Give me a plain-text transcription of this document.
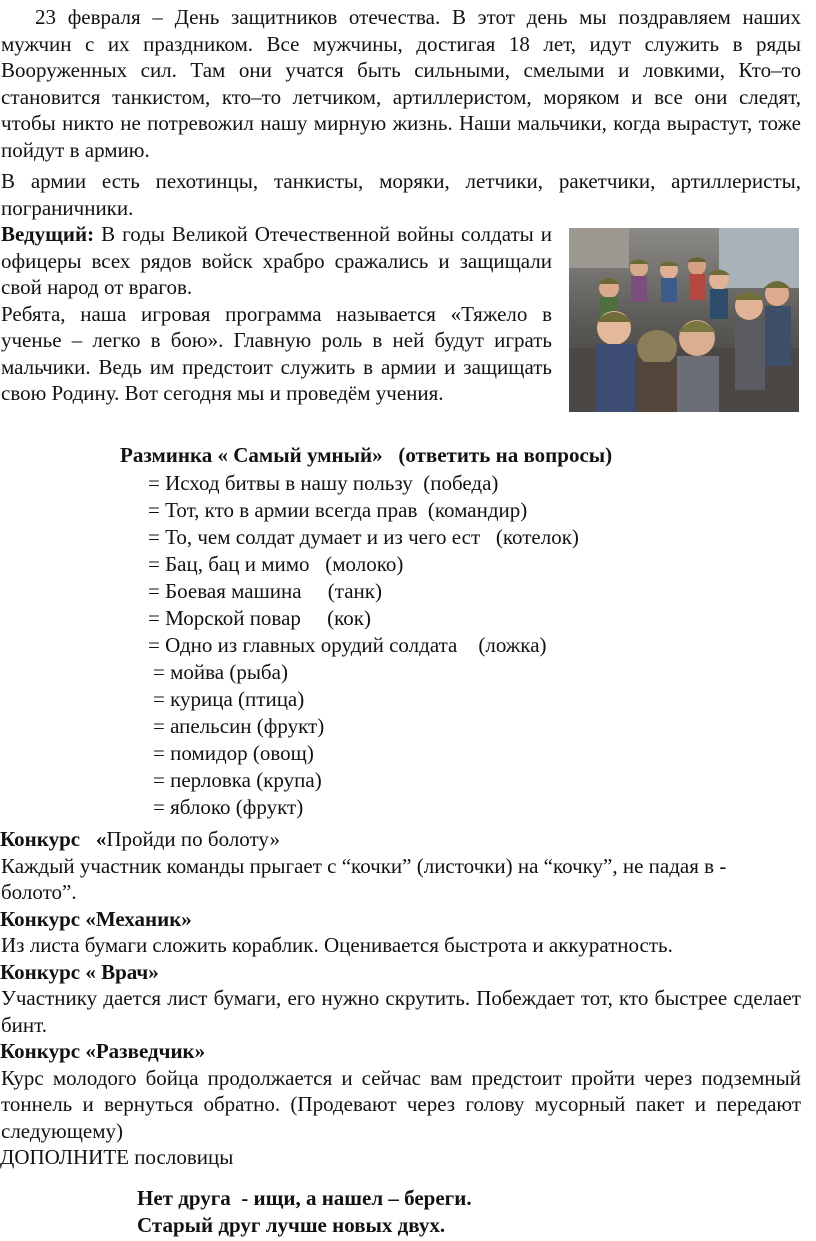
23 февраля – День защитников отечества. В этот день мы поздравляем наших мужчин с их праздником. Все мужчины, достигая 18 лет, идут служить в ряды Вооруженных сил. Там они учатся быть сильными, смелыми и ловкими, Кто–то становится танкистом, кто–то летчиком, артиллеристом, моряком и все они следят, чтобы никто не потревожил нашу мирную жизнь. Наши мальчики, когда вырастут, тоже пойдут в армию.

В армии есть пехотинцы, танкисты, моряки, летчики, ракетчики, артиллеристы, пограничники.

Ведущий: В годы Великой Отечественной войны солдаты и офицеры всех рядов войск храбро сражались и защищали свой народ от врагов.

Ребята, наша игровая программа называется «Тяжело в ученье – легко в бою». Главную роль в ней будут играть мальчики. Ведь им предстоит служить в армии и защищать свою Родину. Вот сегодня мы и проведём учения.

Разминка « Самый умный»   (ответить на вопросы)
= Исход битвы в нашу пользу  (победа)
= Тот, кто в армии всегда прав  (командир)
= То, чем солдат думает и из чего ест   (котелок)
= Бац, бац и мимо   (молоко)
= Боевая машина     (танк)
= Морской повар     (кок)
= Одно из главных орудий солдата    (ложка)
= мойва (рыба)
= курица (птица)
= апельсин (фрукт)
= помидор (овощ)
= перловка (крупа)
= яблоко (фрукт)
Конкурс   «Пройди по болоту»

Каждый участник команды прыгает с “кочки” (листочки) на “кочку”, не падая в - болото”.

Конкурс «Механик»

Из листа бумаги сложить кораблик. Оценивается быстрота и аккуратность.

Конкурс « Врач»

Участнику дается лист бумаги, его нужно скрутить. Побеждает тот, кто быстрее сделает бинт.

Конкурс «Разведчик»

Курс молодого бойца продолжается и сейчас вам предстоит пройти через подземный тоннель и вернуться обратно. (Продевают через голову мусорный пакет и передают следующему)

ДОПОЛНИТЕ пословицы
Нет друга  - ищи, а нашел – береги.
Старый друг лучше новых двух.
